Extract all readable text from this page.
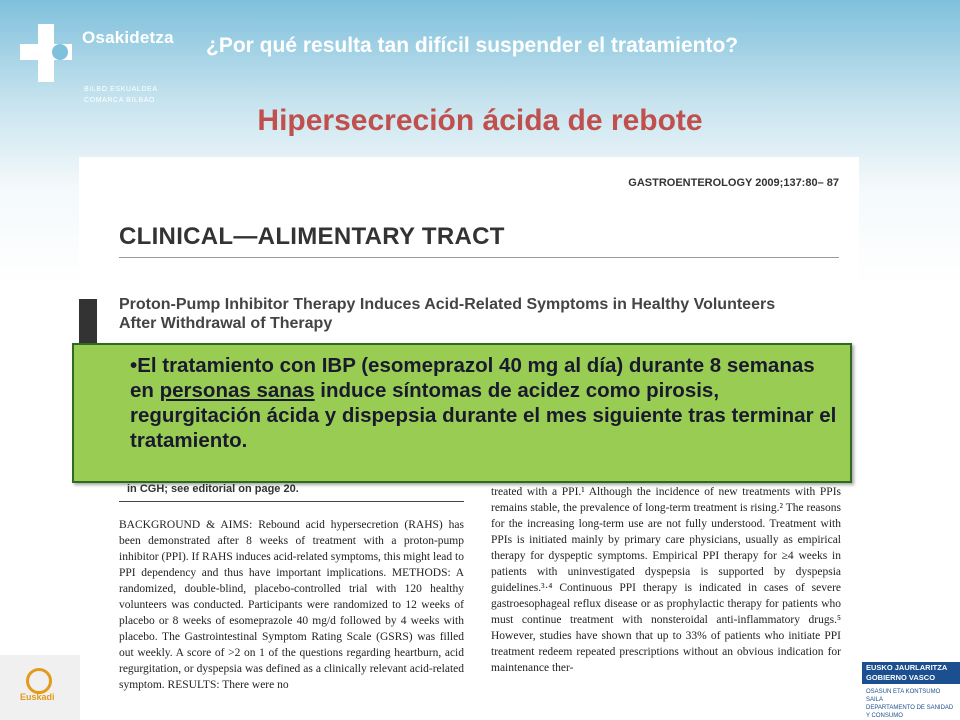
Osakidetza
BILBO ESKUALDEA
COMARCA BILBAO
¿Por qué resulta tan difícil suspender el tratamiento?
Hipersecreción ácida de rebote
GASTROENTEROLOGY 2009;137:80– 87
CLINICAL—ALIMENTARY TRACT
Proton-Pump Inhibitor Therapy Induces Acid-Related Symptoms in Healthy Volunteers After Withdrawal of Therapy
in CGH; see editorial on page 20.
BACKGROUND & AIMS: Rebound acid hypersecretion (RAHS) has been demonstrated after 8 weeks of treatment with a proton-pump inhibitor (PPI). If RAHS induces acid-related symptoms, this might lead to PPI dependency and thus have important implications. METHODS: A randomized, double-blind, placebo-controlled trial with 120 healthy volunteers was conducted. Participants were randomized to 12 weeks of placebo or 8 weeks of esomeprazole 40 mg/d followed by 4 weeks with placebo. The Gastrointestinal Symptom Rating Scale (GSRS) was filled out weekly. A score of >2 on 1 of the questions regarding heartburn, acid regurgitation, or dyspepsia was defined as a clinically relevant acid-related symptom. RESULTS: There were no
treated with a PPI.¹ Although the incidence of new treatments with PPIs remains stable, the prevalence of long-term treatment is rising.² The reasons for the increasing long-term use are not fully understood. Treatment with PPIs is initiated mainly by primary care physicians, usually as empirical therapy for dyspeptic symptoms. Empirical PPI therapy for ≥4 weeks in patients with uninvestigated dyspepsia is supported by dyspepsia guidelines.³·⁴ Continuous PPI therapy is indicated in cases of severe gastroesophageal reflux disease or as prophylactic therapy for patients who must continue treatment with nonsteroidal anti-inflammatory drugs.⁵ However, studies have shown that up to 33% of patients who initiate PPI treatment redeem repeated prescriptions without an obvious indication for maintenance ther-
•El tratamiento con IBP (esomeprazol 40 mg al día) durante 8 semanas en personas sanas induce síntomas de acidez como pirosis, regurgitación ácida y dispepsia durante el mes siguiente tras terminar el tratamiento.
Euskadi
EUSKO JAURLARITZA
GOBIERNO VASCO
OSASUN ETA KONTSUMO SAILA
DEPARTAMENTO DE SANIDAD Y CONSUMO
